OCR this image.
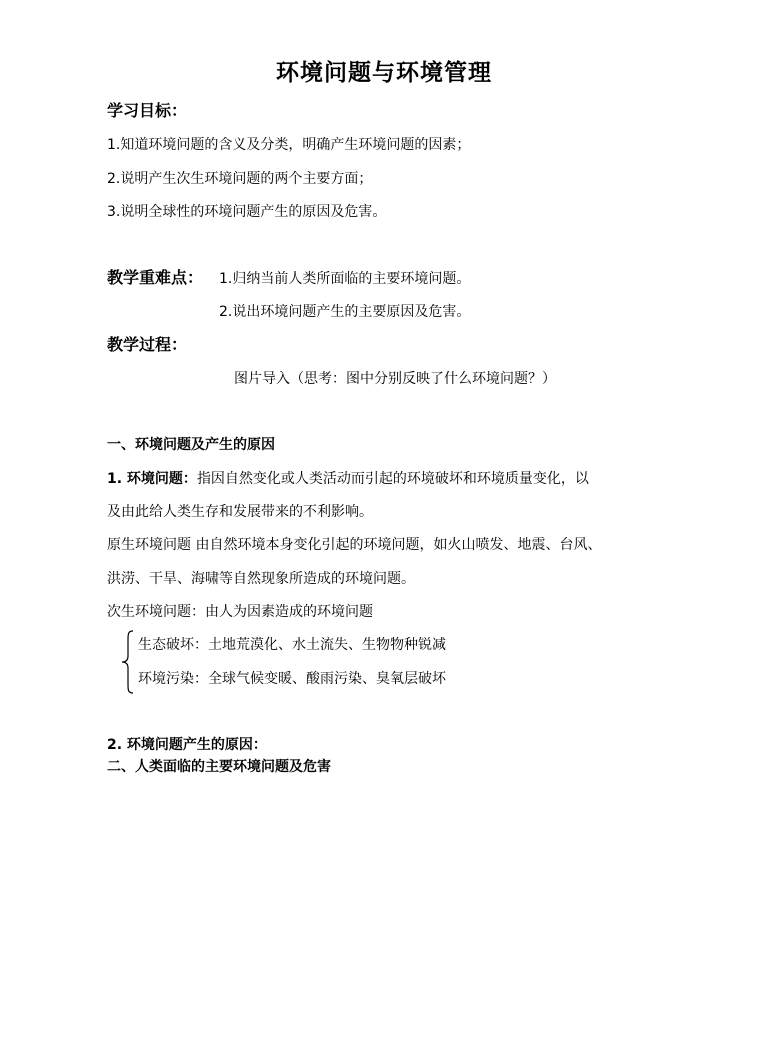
环境问题与环境管理
学习目标：
1.知道环境问题的含义及分类，明确产生环境问题的因素；
2.说明产生次生环境问题的两个主要方面；
3.说明全球性的环境问题产生的原因及危害。
教学重难点： 1.归纳当前人类所面临的主要环境问题。
2.说出环境问题产生的主要原因及危害。
教学过程：
图片导入（思考：图中分别反映了什么环境问题？）
一、环境问题及产生的原因
1. 环境问题：指因自然变化或人类活动而引起的环境破坏和环境质量变化，以
及由此给人类生存和发展带来的不利影响。
原生环境问题 由自然环境本身变化引起的环境问题，如火山喷发、地震、台风、
洪涝、干旱、海啸等自然现象所造成的环境问题。
次生环境问题：由人为因素造成的环境问题
生态破坏：土地荒漠化、水土流失、生物物种锐减
环境污染：全球气候变暖、酸雨污染、臭氧层破坏
2. 环境问题产生的原因：
二、人类面临的主要环境问题及危害
